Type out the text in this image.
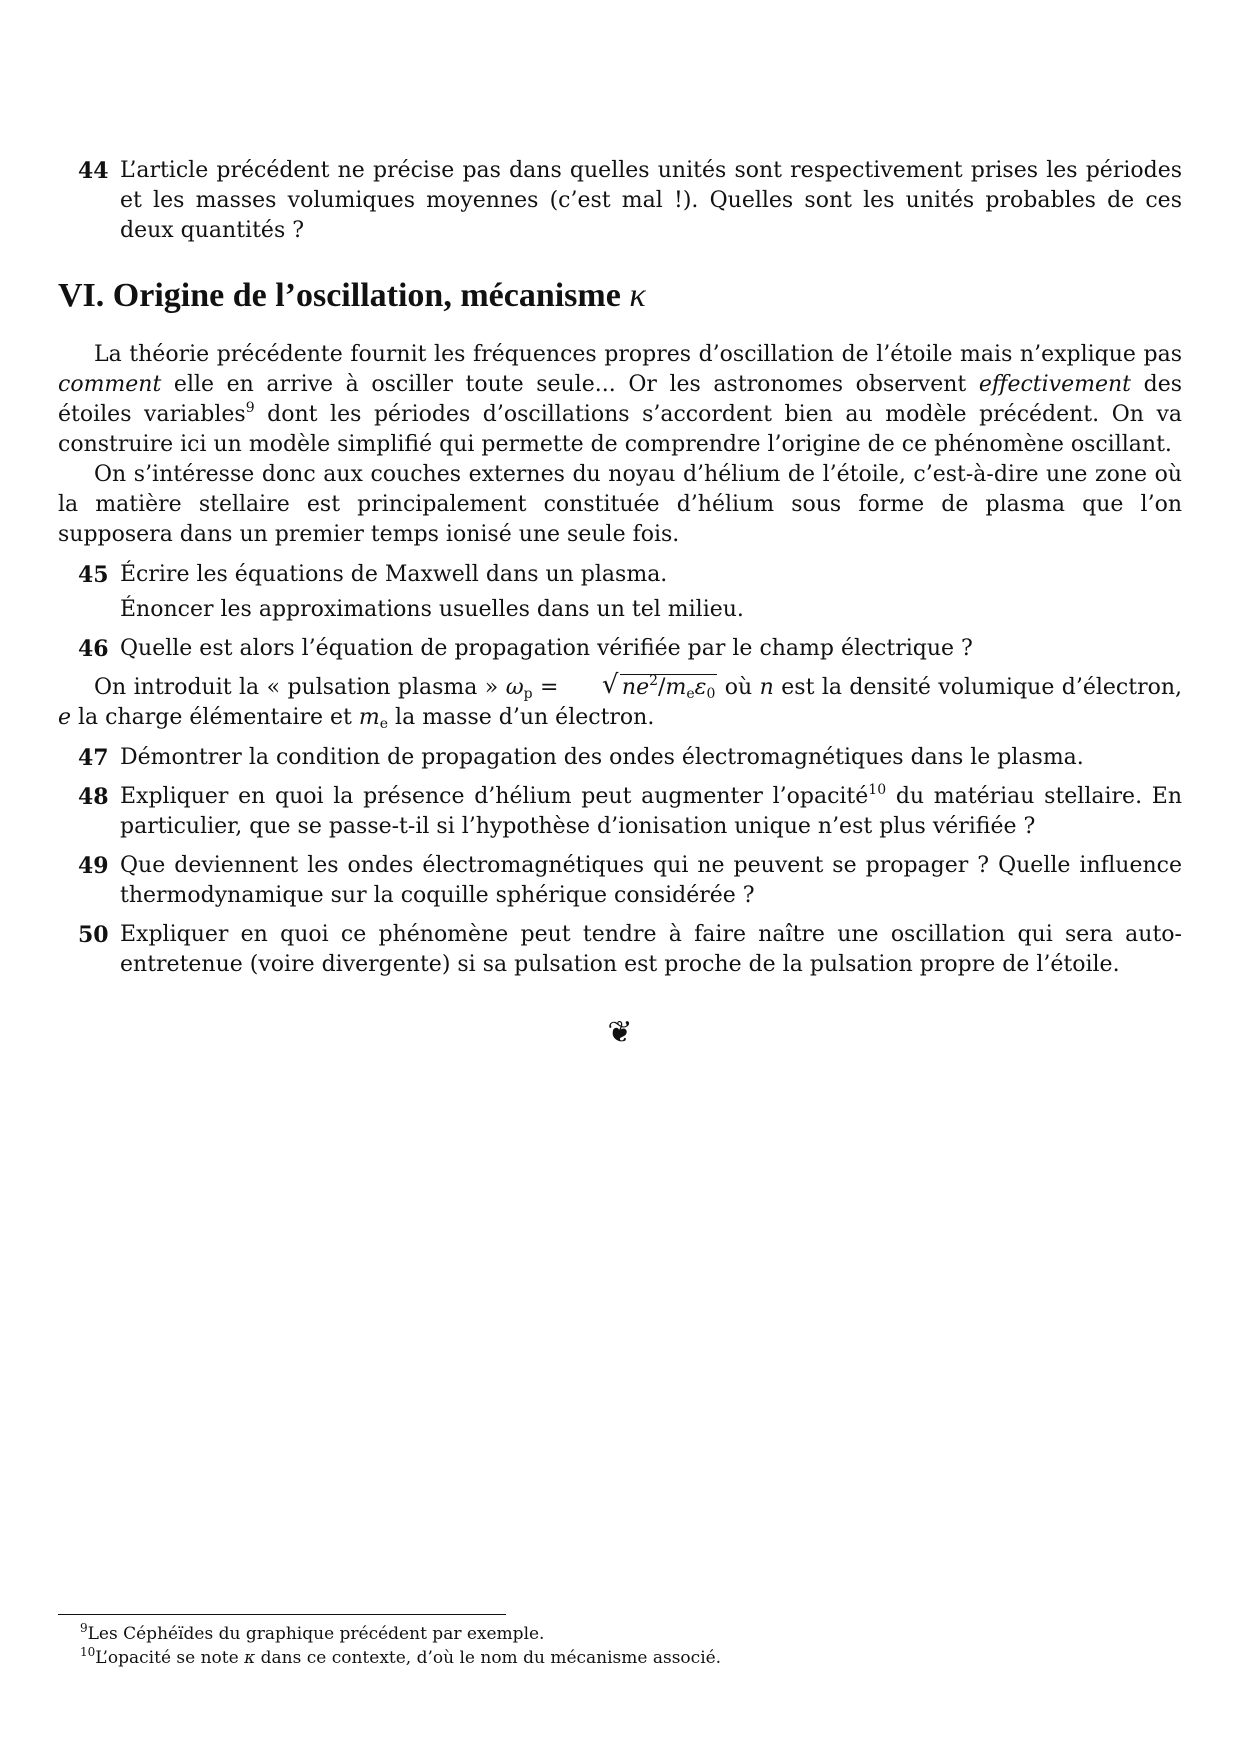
44 L’article précédent ne précise pas dans quelles unités sont respectivement prises les périodes et les masses volumiques moyennes (c’est mal !). Quelles sont les unités probables de ces deux quantités ?
VI. Origine de l’oscillation, mécanisme κ

La théorie précédente fournit les fréquences propres d’oscillation de l’étoile mais n’explique pas comment elle en arrive à osciller toute seule... Or les astronomes observent effectivement des étoiles variables$^9$ dont les périodes d’oscillations s’accordent bien au modèle précédent. On va construire ici un modèle simplifié qui permette de comprendre l’origine de ce phénomène oscillant.

On s’intéresse donc aux couches externes du noyau d’hélium de l’étoile, c’est-à-dire une zone où la matière stellaire est principalement constituée d’hélium sous forme de plasma que l’on supposera dans un premier temps ionisé une seule fois.

45 Écrire les équations de Maxwell dans un plasma.
Énoncer les approximations usuelles dans un tel milieu.
46 Quelle est alors l’équation de propagation vérifiée par le champ électrique ?

On introduit la « pulsation plasma » $\omega_p$ =	√ $ne^2/m_e\varepsilon_0$ où n est la densité volumique d’électron, e la charge élémentaire et $m_e$ la masse d’un électron.

47 Démontrer la condition de propagation des ondes électromagnétiques dans le plasma.
48 Expliquer en quoi la présence d’hélium peut augmenter l’opacité$^{10}$ du matériau stellaire. En particulier, que se passe-t-il si l’hypothèse d’ionisation unique n’est plus vérifiée ?
49 Que deviennent les ondes électromagnétiques qui ne peuvent se propager ? Quelle influence thermodynamique sur la coquille sphérique considérée ?
50 Expliquer en quoi ce phénomène peut tendre à faire naître une oscillation qui sera auto-entretenue (voire divergente) si sa pulsation est proche de la pulsation propre de l’étoile.
❦
$^9$Les Céphéïdes du graphique précédent par exemple.
$^{10}$L’opacité se note κ dans ce contexte, d’où le nom du mécanisme associé.
